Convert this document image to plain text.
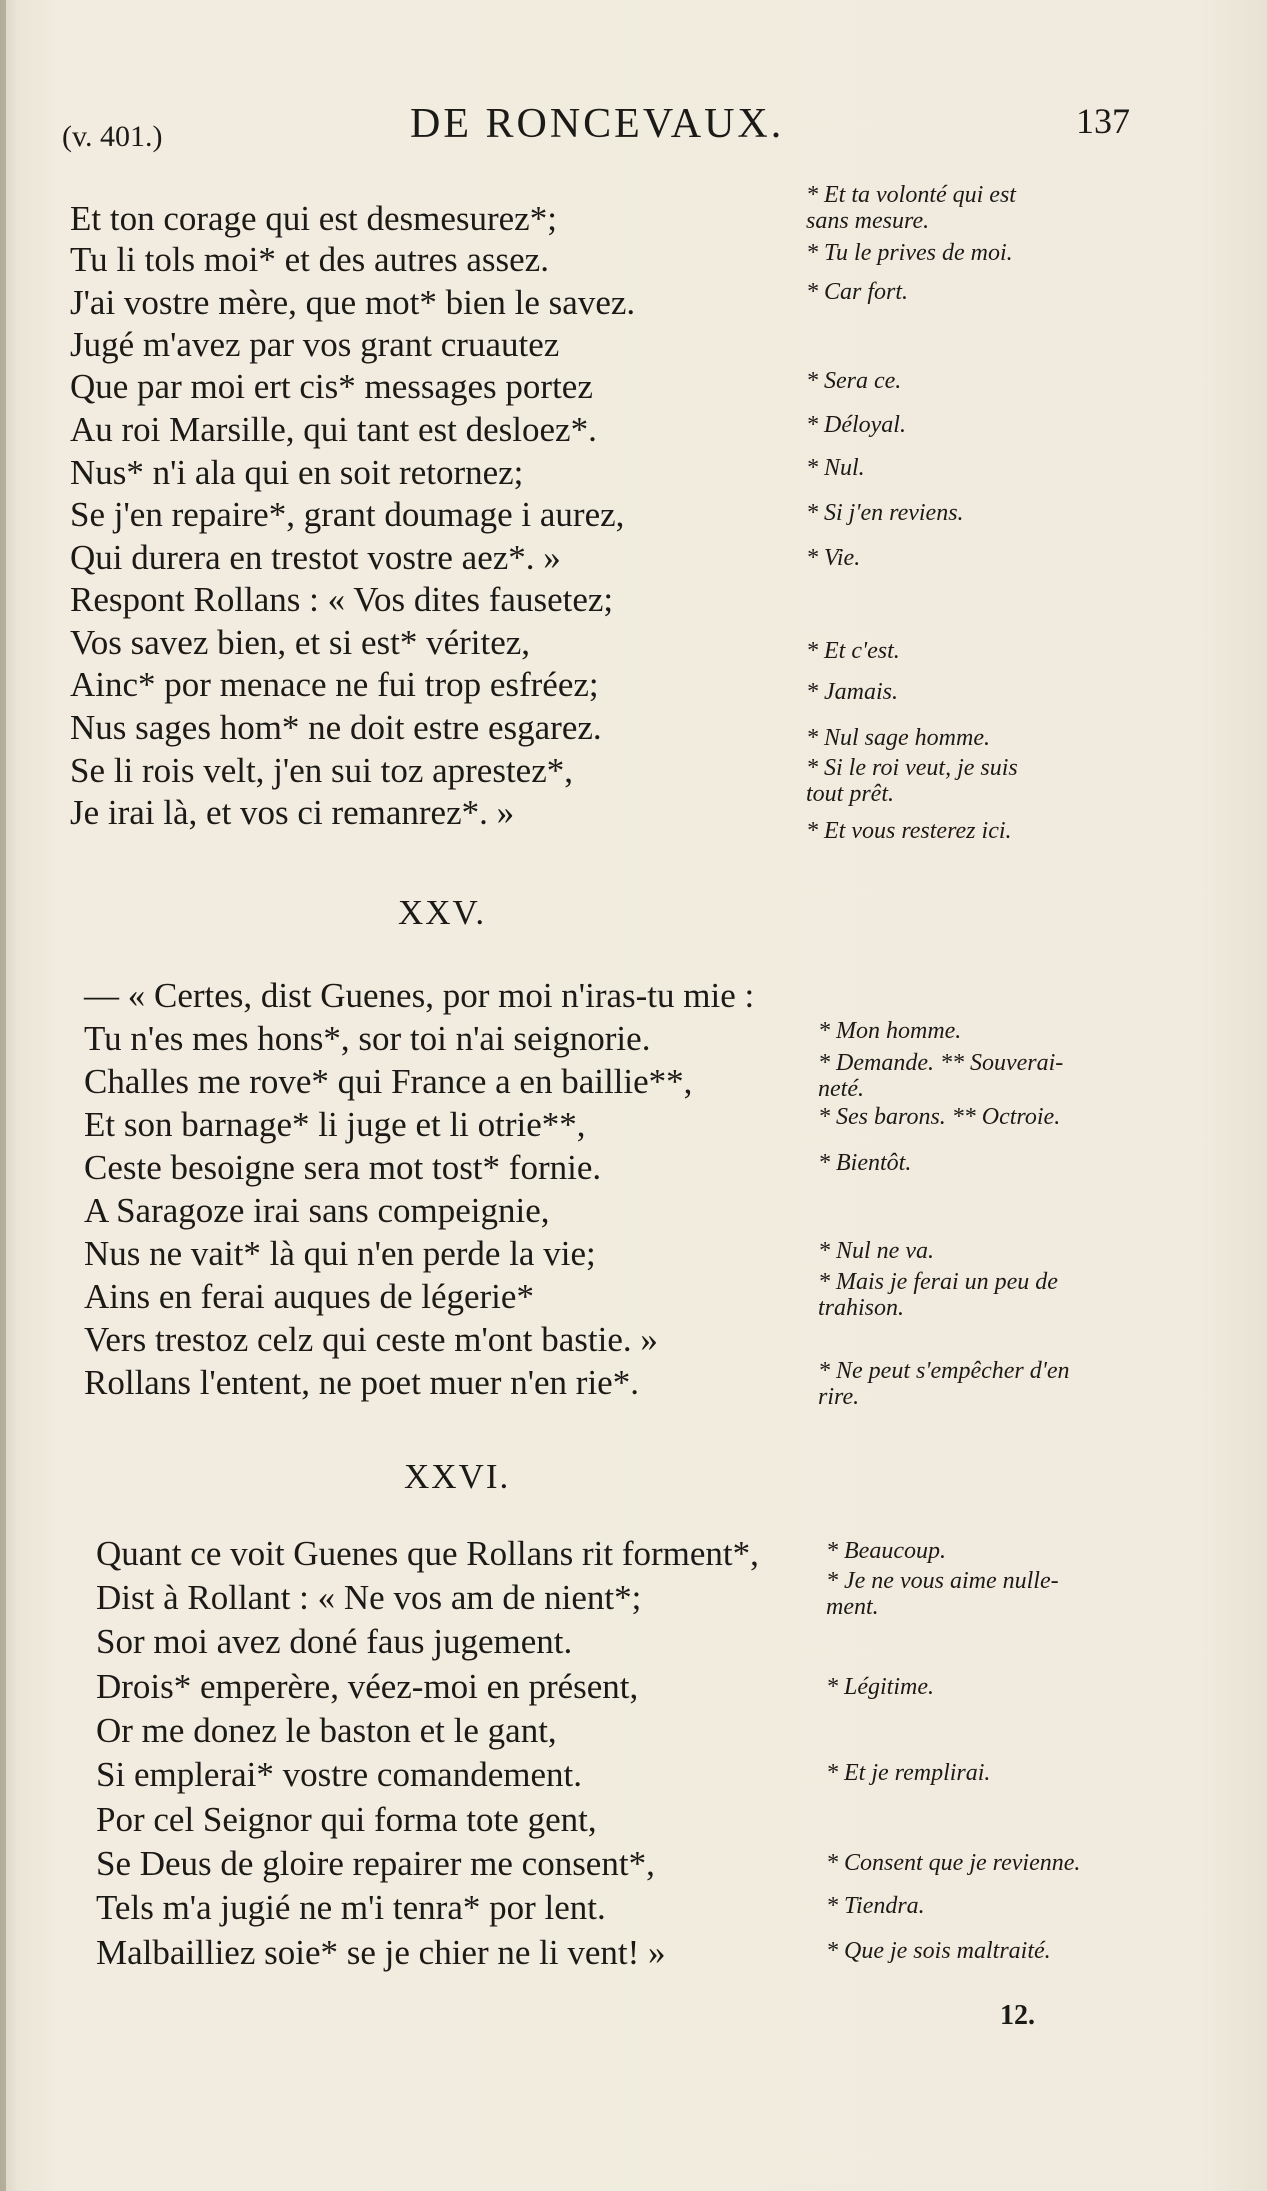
(v. 401.)	DE RONCEVAUX.	137
Et ton corage qui est desmesurez*;
Tu li tols moi* et des autres assez.
J'ai vostre mère, que mot* bien le savez.
Jugé m'avez par vos grant cruautez
Que par moi ert cis* messages portez
Au roi Marsille, qui tant est desloez*.
Nus* n'i ala qui en soit retornez;
Se j'en repaire*, grant doumage i aurez,
Qui durera en trestot vostre aez*. »
Respont Rollans : « Vos dites fausetez;
Vos savez bien, et si est* véritez,
Ainc* por menace ne fui trop esfréez;
Nus sages hom* ne doit estre esgarez.
Se li rois velt, j'en sui toz aprestez*,
Je irai là, et vos ci remanrez*. »
* Et ta volonté qui est
sans mesure.
* Tu le prives de moi.
* Car fort.
* Sera ce.
* Déloyal.
* Nul.
* Si j'en reviens.
* Vie.
* Et c'est.
* Jamais.
* Nul sage homme.
* Si le roi veut, je suis
tout prêt.
* Et vous resterez ici.
XXV.
— « Certes, dist Guenes, por moi n'iras-tu mie :
Tu n'es mes hons*, sor toi n'ai seignorie.
Challes me rove* qui France a en baillie**,
Et son barnage* li juge et li otrie**,
Ceste besoigne sera mot tost* fornie.
A Saragoze irai sans compeignie,
Nus ne vait* là qui n'en perde la vie;
Ains en ferai auques de légerie*
Vers trestoz celz qui ceste m'ont bastie. »
Rollans l'entent, ne poet muer n'en rie*.
* Mon homme.
* Demande. ** Souverai-
neté.
* Ses barons. ** Octroie.
* Bientôt.
* Nul ne va.
* Mais je ferai un peu de
trahison.
* Ne peut s'empêcher d'en
rire.
XXVI.
Quant ce voit Guenes que Rollans rit forment*,
Dist à Rollant : « Ne vos am de nient*;
Sor moi avez doné faus jugement.
Drois* emperère, véez-moi en présent,
Or me donez le baston et le gant,
Si emplerai* vostre comandement.
Por cel Seignor qui forma tote gent,
Se Deus de gloire repairer me consent*,
Tels m'a jugié ne m'i tenra* por lent.
Malbailliez soie* se je chier ne li vent! »
* Beaucoup.
* Je ne vous aime nulle-
ment.
* Légitime.
* Et je remplirai.
* Consent que je revienne.
* Tiendra.
* Que je sois maltraité.
12.
